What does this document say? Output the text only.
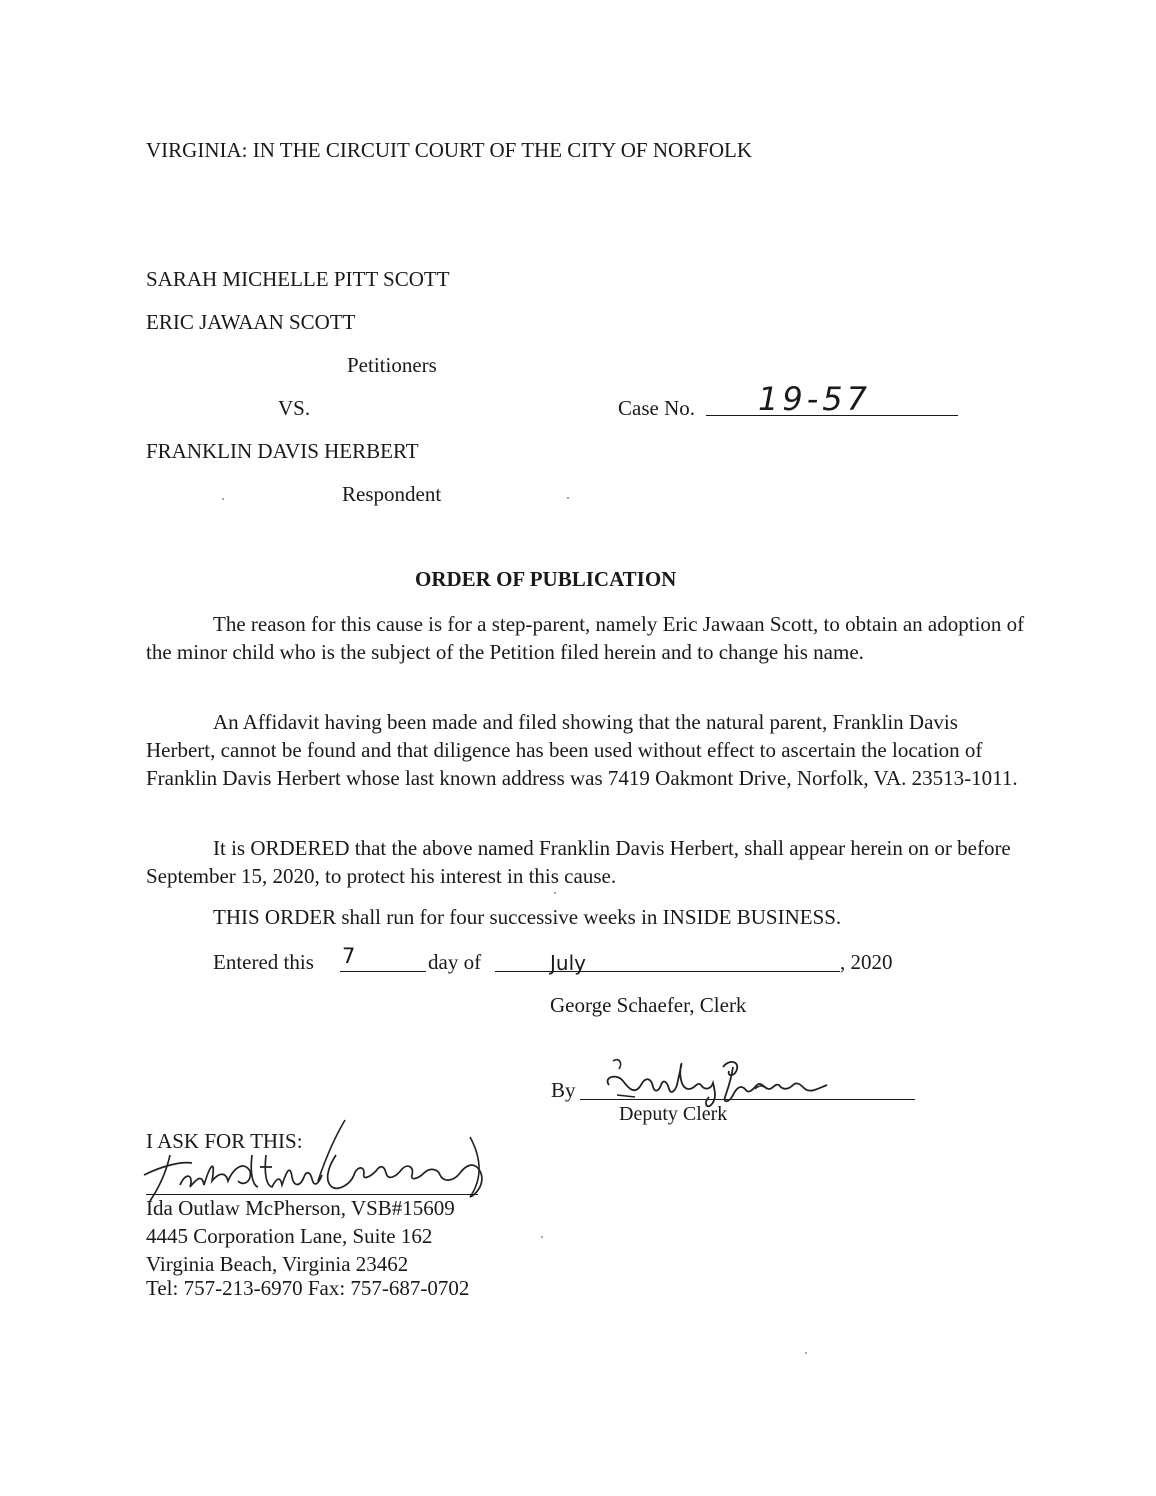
VIRGINIA: IN THE CIRCUIT COURT OF THE CITY OF NORFOLK
SARAH MICHELLE PITT SCOTT
ERIC JAWAAN SCOTT
Petitioners
VS.	Case No. 19-57
FRANKLIN DAVIS HERBERT
Respondent
ORDER OF PUBLICATION

The reason for this cause is for a step-parent, namely Eric Jawaan Scott, to obtain an adoption of the minor child who is the subject of the Petition filed herein and to change his name.

An Affidavit having been made and filed showing that the natural parent, Franklin Davis Herbert, cannot be found and that diligence has been used without effect to ascertain the location of Franklin Davis Herbert whose last known address was 7419 Oakmont Drive, Norfolk, VA. 23513-1011.

It is ORDERED that the above named Franklin Davis Herbert, shall appear herein on or before September 15, 2020, to protect his interest in this cause.

THIS ORDER shall run for four successive weeks in INSIDE BUSINESS.
Entered this 7	day of	July	, 2020
George Schaefer, Clerk
By
Deputy Clerk
I ASK FOR THIS:
Ida Outlaw McPherson, VSB#15609
4445 Corporation Lane, Suite 162
Virginia Beach, Virginia 23462
Tel: 757-213-6970 Fax: 757-687-0702
